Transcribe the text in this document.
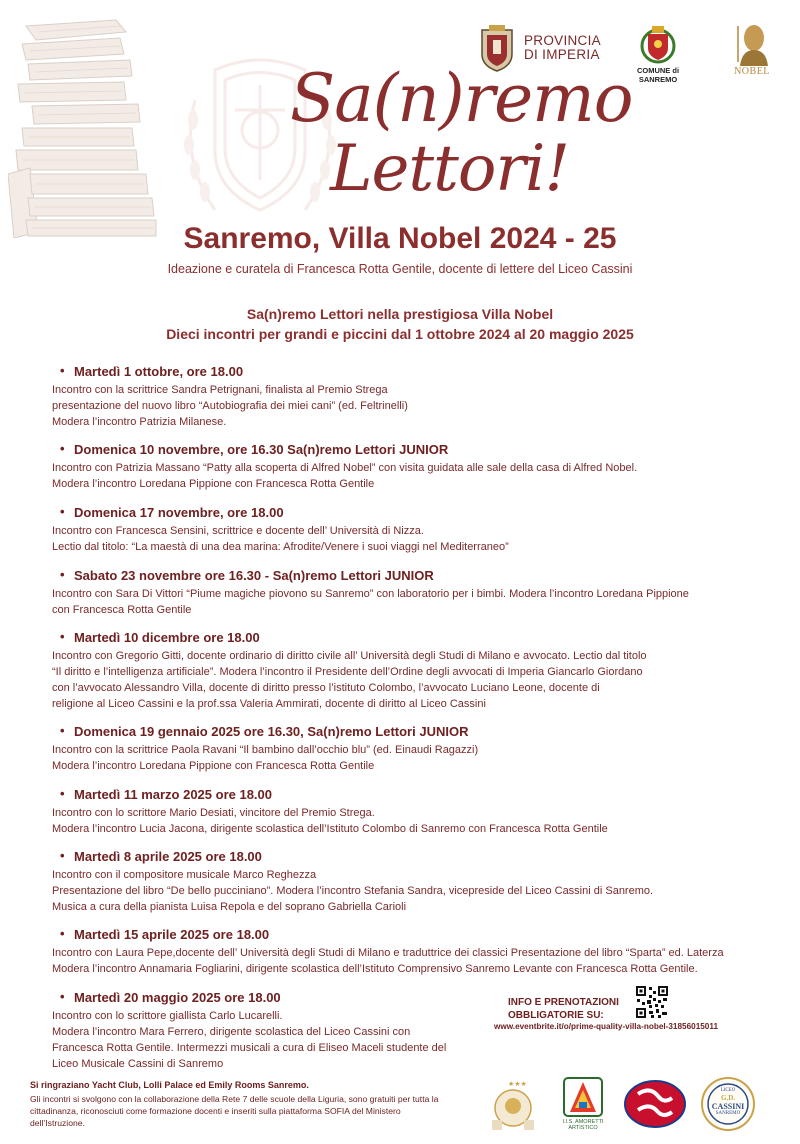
PROVINCIA
DI IMPERIA
COMUNE di SANREMO
NOBEL
Sa(n)remo
Lettori!
Sanremo, Villa Nobel 2024 - 25
Ideazione e curatela di Francesca Rotta Gentile, docente di lettere del Liceo Cassini
Sa(n)remo Lettori nella prestigiosa Villa Nobel
Dieci incontri per grandi e piccini dal 1 ottobre 2024 al 20 maggio 2025
• Martedì 1 ottobre, ore 18.00
Incontro con la scrittrice Sandra Petrignani, finalista al Premio Strega
presentazione del nuovo libro “Autobiografia dei miei cani” (ed. Feltrinelli)
Modera l’incontro Patrizia Milanese.
• Domenica 10 novembre, ore 16.30 Sa(n)remo Lettori JUNIOR
Incontro con Patrizia Massano “Patty alla scoperta di Alfred Nobel” con visita guidata alle sale della casa di Alfred Nobel.
Modera l’incontro Loredana Pippione con Francesca Rotta Gentile
• Domenica 17 novembre, ore 18.00
Incontro con Francesca Sensini, scrittrice e docente dell’ Università di Nizza.
Lectio dal titolo: “La maestà di una dea marina: Afrodite/Venere i suoi viaggi nel Mediterraneo”
• Sabato 23 novembre ore 16.30 - Sa(n)remo Lettori JUNIOR
Incontro con Sara Di Vittori “Piume magiche piovono su Sanremo” con laboratorio per i bimbi. Modera l’incontro Loredana Pippione
con Francesca Rotta Gentile
• Martedì 10 dicembre ore 18.00
Incontro con Gregorio Gitti, docente ordinario di diritto civile all’ Università degli Studi di Milano e avvocato. Lectio dal titolo
“Il diritto e l’intelligenza artificiale”. Modera l’incontro il Presidente dell’Ordine degli avvocati di Imperia Giancarlo Giordano
con l’avvocato Alessandro Villa, docente di diritto presso l’istituto Colombo, l’avvocato Luciano Leone, docente di
religione al Liceo Cassini e la prof.ssa Valeria Ammirati, docente di diritto al Liceo Cassini
• Domenica 19 gennaio 2025 ore 16.30, Sa(n)remo Lettori JUNIOR
Incontro con la scrittrice Paola Ravani “Il bambino dall’occhio blu” (ed. Einaudi Ragazzi)
Modera l’incontro Loredana Pippione con Francesca Rotta Gentile
• Martedì 11 marzo 2025 ore 18.00
Incontro con lo scrittore Mario Desiati, vincitore del Premio Strega.
Modera l’incontro Lucia Jacona, dirigente scolastica dell’Istituto Colombo di Sanremo con Francesca Rotta Gentile
• Martedì 8 aprile 2025 ore 18.00
Incontro con il compositore musicale Marco Reghezza
Presentazione del libro “De bello pucciniano”. Modera l’incontro Stefania Sandra, vicepreside del Liceo Cassini di Sanremo.
Musica a cura della pianista Luisa Repola e del soprano Gabriella Carioli
• Martedì 15 aprile 2025 ore 18.00
Incontro con Laura Pepe,docente dell’ Università degli Studi di Milano e traduttrice dei classici Presentazione del libro “Sparta” ed. Laterza
Modera l’incontro Annamaria Fogliarini, dirigente scolastica dell’Istituto Comprensivo Sanremo Levante con Francesca Rotta Gentile.
• Martedì 20 maggio 2025 ore 18.00
Incontro con lo scrittore giallista Carlo Lucarelli.
Modera l’incontro Mara Ferrero, dirigente scolastica del Liceo Cassini con
Francesca Rotta Gentile. Intermezzi musicali a cura di Eliseo Maceli studente del
Liceo Musicale Cassini di Sanremo
INFO E PRENOTAZIONI
OBBLIGATORIE SU:
www.eventbrite.it/o/prime-quality-villa-nobel-31856015011
Si ringraziano Yacht Club, Lolli Palace ed Emily Rooms Sanremo.
Gli incontri si svolgono con la collaborazione della Rete 7 delle scuole della Liguria, sono gratuiti per tutta la cittadinanza, riconosciuti come formazione docenti e inseriti sulla piattaforma SOFIA del Ministero dell’Istruzione.
★★★
I.I.S. AMORETTI ARTISTICO
LICEO
G.D.
CASSINI
SANREMO
